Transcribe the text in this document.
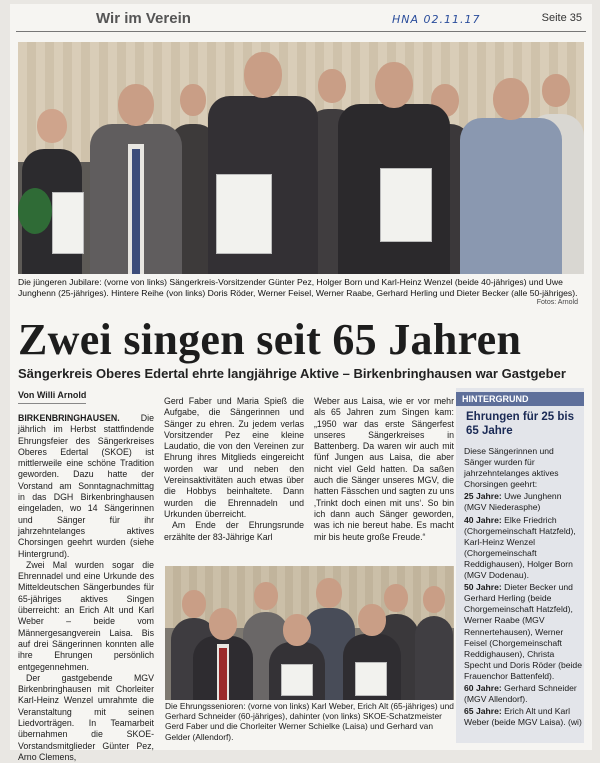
Wir im Verein	HNA 02.11.17	Seite 35
Die jüngeren Jubilare: (vorne von links) Sängerkreis-Vorsitzender Günter Pez, Holger Born und Karl-Heinz Wenzel (beide 40-jähriges) und Uwe Junghenn (25-jähriges). Hintere Reihe (von links) Doris Röder, Werner Feisel, Werner Raabe, Gerhard Herling und Dieter Becker (alle 50-jähriges).
Fotos: Arnold
Zwei singen seit 65 Jahren
Sängerkreis Oberes Edertal ehrte langjährige Aktive – Birkenbringhausen war Gastgeber
Von Willi Arnold

BIRKENBRINGHAUSEN. Die jährlich im Herbst stattfindende Ehrungsfeier des Sängerkreises Oberes Edertal (SKOE) ist mittlerweile eine schöne Tradition geworden. Dazu hatte der Vorstand am Sonntagnachmittag in das DGH Birkenbringhausen eingeladen, wo 14 Sängerinnen und Sänger für ihr jahrzehntelanges aktives Chorsingen geehrt wurden (siehe Hintergrund).

Zwei Mal wurden sogar die Ehrennadel und eine Urkunde des Mitteldeutschen Sängerbundes für 65-jähriges aktives Singen überreicht: an Erich Alt und Karl Weber – beide vom Männergesangverein Laisa. Bis auf drei Sängerinnen konnten alle ihre Ehrungen persönlich entgegennehmen.

Der gastgebende MGV Birkenbringhausen mit Chorleiter Karl-Heinz Wenzel umrahmte die Veranstaltung mit seinen Liedvorträgen. In Teamarbeit übernahmen die SKOE-Vorstandsmitglieder Günter Pez, Arno Clemens,

Gerd Faber und Maria Spieß die Aufgabe, die Sängerinnen und Sänger zu ehren. Zu jedem verlas Vorsitzender Pez eine kleine Laudatio, die von den Vereinen zur Ehrung ihres Mitglieds eingereicht worden war und neben den Vereinsaktivitäten auch etwas über die Hobbys beinhaltete. Dann wurden die Ehrennadeln und Urkunden überreicht.

Am Ende der Ehrungsrunde erzählte der 83-Jährige Karl

Weber aus Laisa, wie er vor mehr als 65 Jahren zum Singen kam: „1950 war das erste Sängerfest unseres Sängerkreises in Battenberg. Da waren wir auch mit fünf Jungen aus Laisa, die aber nicht viel Geld hatten. Da saßen auch die Sänger unseres MGV, die hatten Fässchen und sagten zu uns ‚Trinkt doch einen mit uns‘. So bin ich dann auch Sänger geworden, was ich nie bereut habe. Es macht mir bis heute große Freude.“

Die Ehrungssenioren: (vorne von links) Karl Weber, Erich Alt (65-jähriges) und Gerhard Schneider (60-jähriges), dahinter (von links) SKOE-Schatzmeister Gerd Faber und die Chorleiter Werner Schielke (Laisa) und Gerhard van Gelder (Allendorf).
HINTERGRUND
Ehrungen für 25 bis 65 Jahre

Diese Sängerinnen und Sänger wurden für jahrzehntelanges aktives Chorsingen geehrt:

25 Jahre: Uwe Junghenn (MGV Niederasphe)

40 Jahre: Elke Friedrich (Chorgemeinschaft Hatzfeld), Karl-Heinz Wenzel (Chorgemeinschaft Reddighausen), Holger Born (MGV Dodenau).

50 Jahre: Dieter Becker und Gerhard Herling (beide Chorgemeinschaft Hatzfeld), Werner Raabe (MGV Rennertehausen), Werner Feisel (Chorgemeinschaft Reddighausen), Christa Specht und Doris Röder (beide Frauenchor Battenfeld).

60 Jahre: Gerhard Schneider (MGV Allendorf).

65 Jahre: Erich Alt und Karl Weber (beide MGV Laisa). (wi)
